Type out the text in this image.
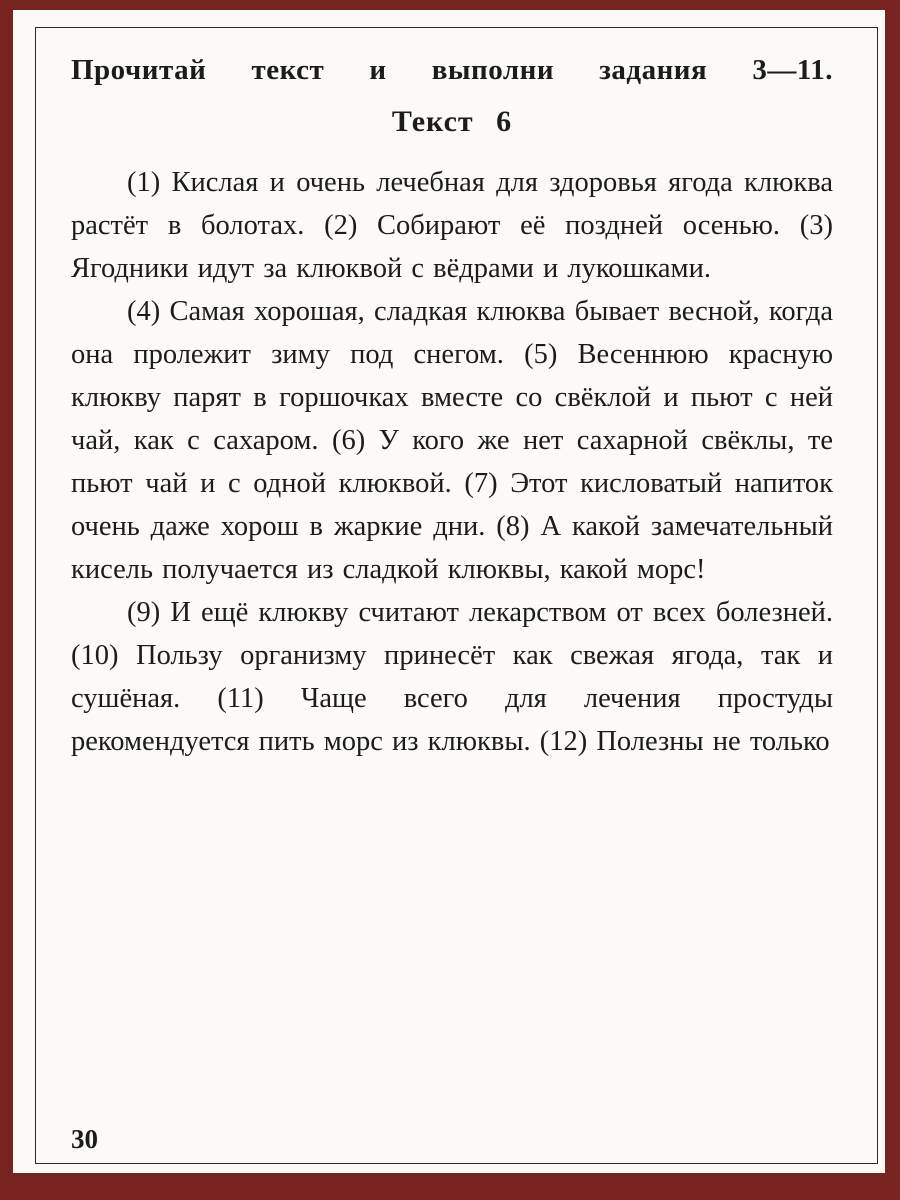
Прочитай текст и выполни задания 3—11.

Текст 6

(1) Кислая и очень лечебная для здоровья ягода клюква растёт в болотах. (2) Собирают её поздней осенью. (3) Ягодники идут за клюквой с вёдрами и лукошками.

(4) Самая хорошая, сладкая клюква бывает весной, когда она пролежит зиму под снегом. (5) Весеннюю красную клюкву парят в горшочках вместе со свёклой и пьют с ней чай, как с сахаром. (6) У кого же нет сахарной свёклы, те пьют чай и с одной клюквой. (7) Этот кисловатый напиток очень даже хорош в жаркие дни. (8) А какой замечательный кисель получается из сладкой клюквы, какой морс!

(9) И ещё клюкву считают лекарством от всех болезней. (10) Пользу организму принесёт как свежая ягода, так и сушёная. (11) Чаще всего для лечения простуды рекомендуется пить морс из клюквы. (12) Полезны не только

30
